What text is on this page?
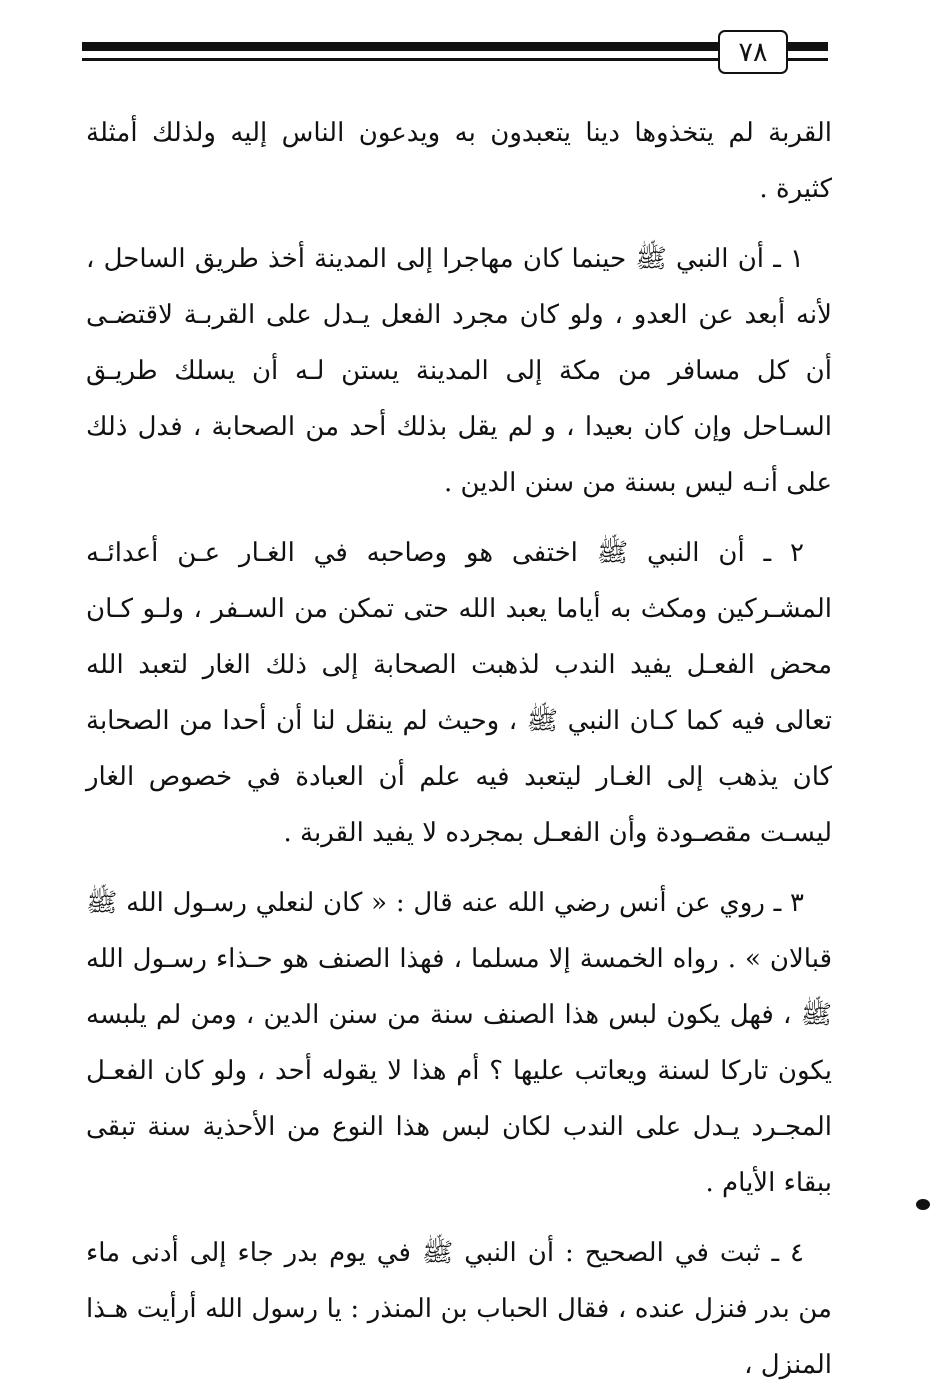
٧٨

القربة لم يتخذوها دينا يتعبدون به ويدعون الناس إليه ولذلك أمثلة كثيرة .

١ ـ أن النبي ﷺ حينما كان مهاجرا إلى المدينة أخذ طريق الساحل ، لأنه أبعد عن العدو ، ولو كان مجرد الفعل يـدل على القربـة لاقتضـى أن كل مسافر من مكة إلى المدينة يستن لـه أن يسلك طريـق السـاحل وإن كان بعيدا ، و لم يقل بذلك أحد من الصحابة ، فدل ذلك على أنـه ليس بسنة من سنن الدين .

٢ ـ أن النبي ﷺ اختفى هو وصاحبه في الغـار عـن أعدائـه المشـركين ومكث به أياما يعبد الله حتى تمكن من السـفر ، ولـو كـان محض الفعـل يفيد الندب لذهبت الصحابة إلى ذلك الغار لتعبد الله تعالى فيه كما كـان النبي ﷺ ، وحيث لم ينقل لنا أن أحدا من الصحابة كان يذهب إلى الغـار ليتعبد فيه علم أن العبادة في خصوص الغار ليسـت مقصـودة وأن الفعـل بمجرده لا يفيد القربة .

٣ ـ روي عن أنس رضي الله عنه قال : « كان لنعلي رسـول الله ﷺ قبالان » . رواه الخمسة إلا مسلما ، فهذا الصنف هو حـذاء رسـول الله ﷺ ، فهل يكون لبس هذا الصنف سنة من سنن الدين ، ومن لم يلبسه يكون تاركا لسنة ويعاتب عليها ؟ أم هذا لا يقوله أحد ، ولو كان الفعـل المجـرد يـدل على الندب لكان لبس هذا النوع من الأحذية سنة تبقى ببقاء الأيام .

٤ ـ ثبت في الصحيح : أن النبي ﷺ في يوم بدر جاء إلى أدنى ماء من بدر فنزل عنده ، فقال الحباب بن المنذر : يا رسول الله أرأيت هـذا المنزل ،
